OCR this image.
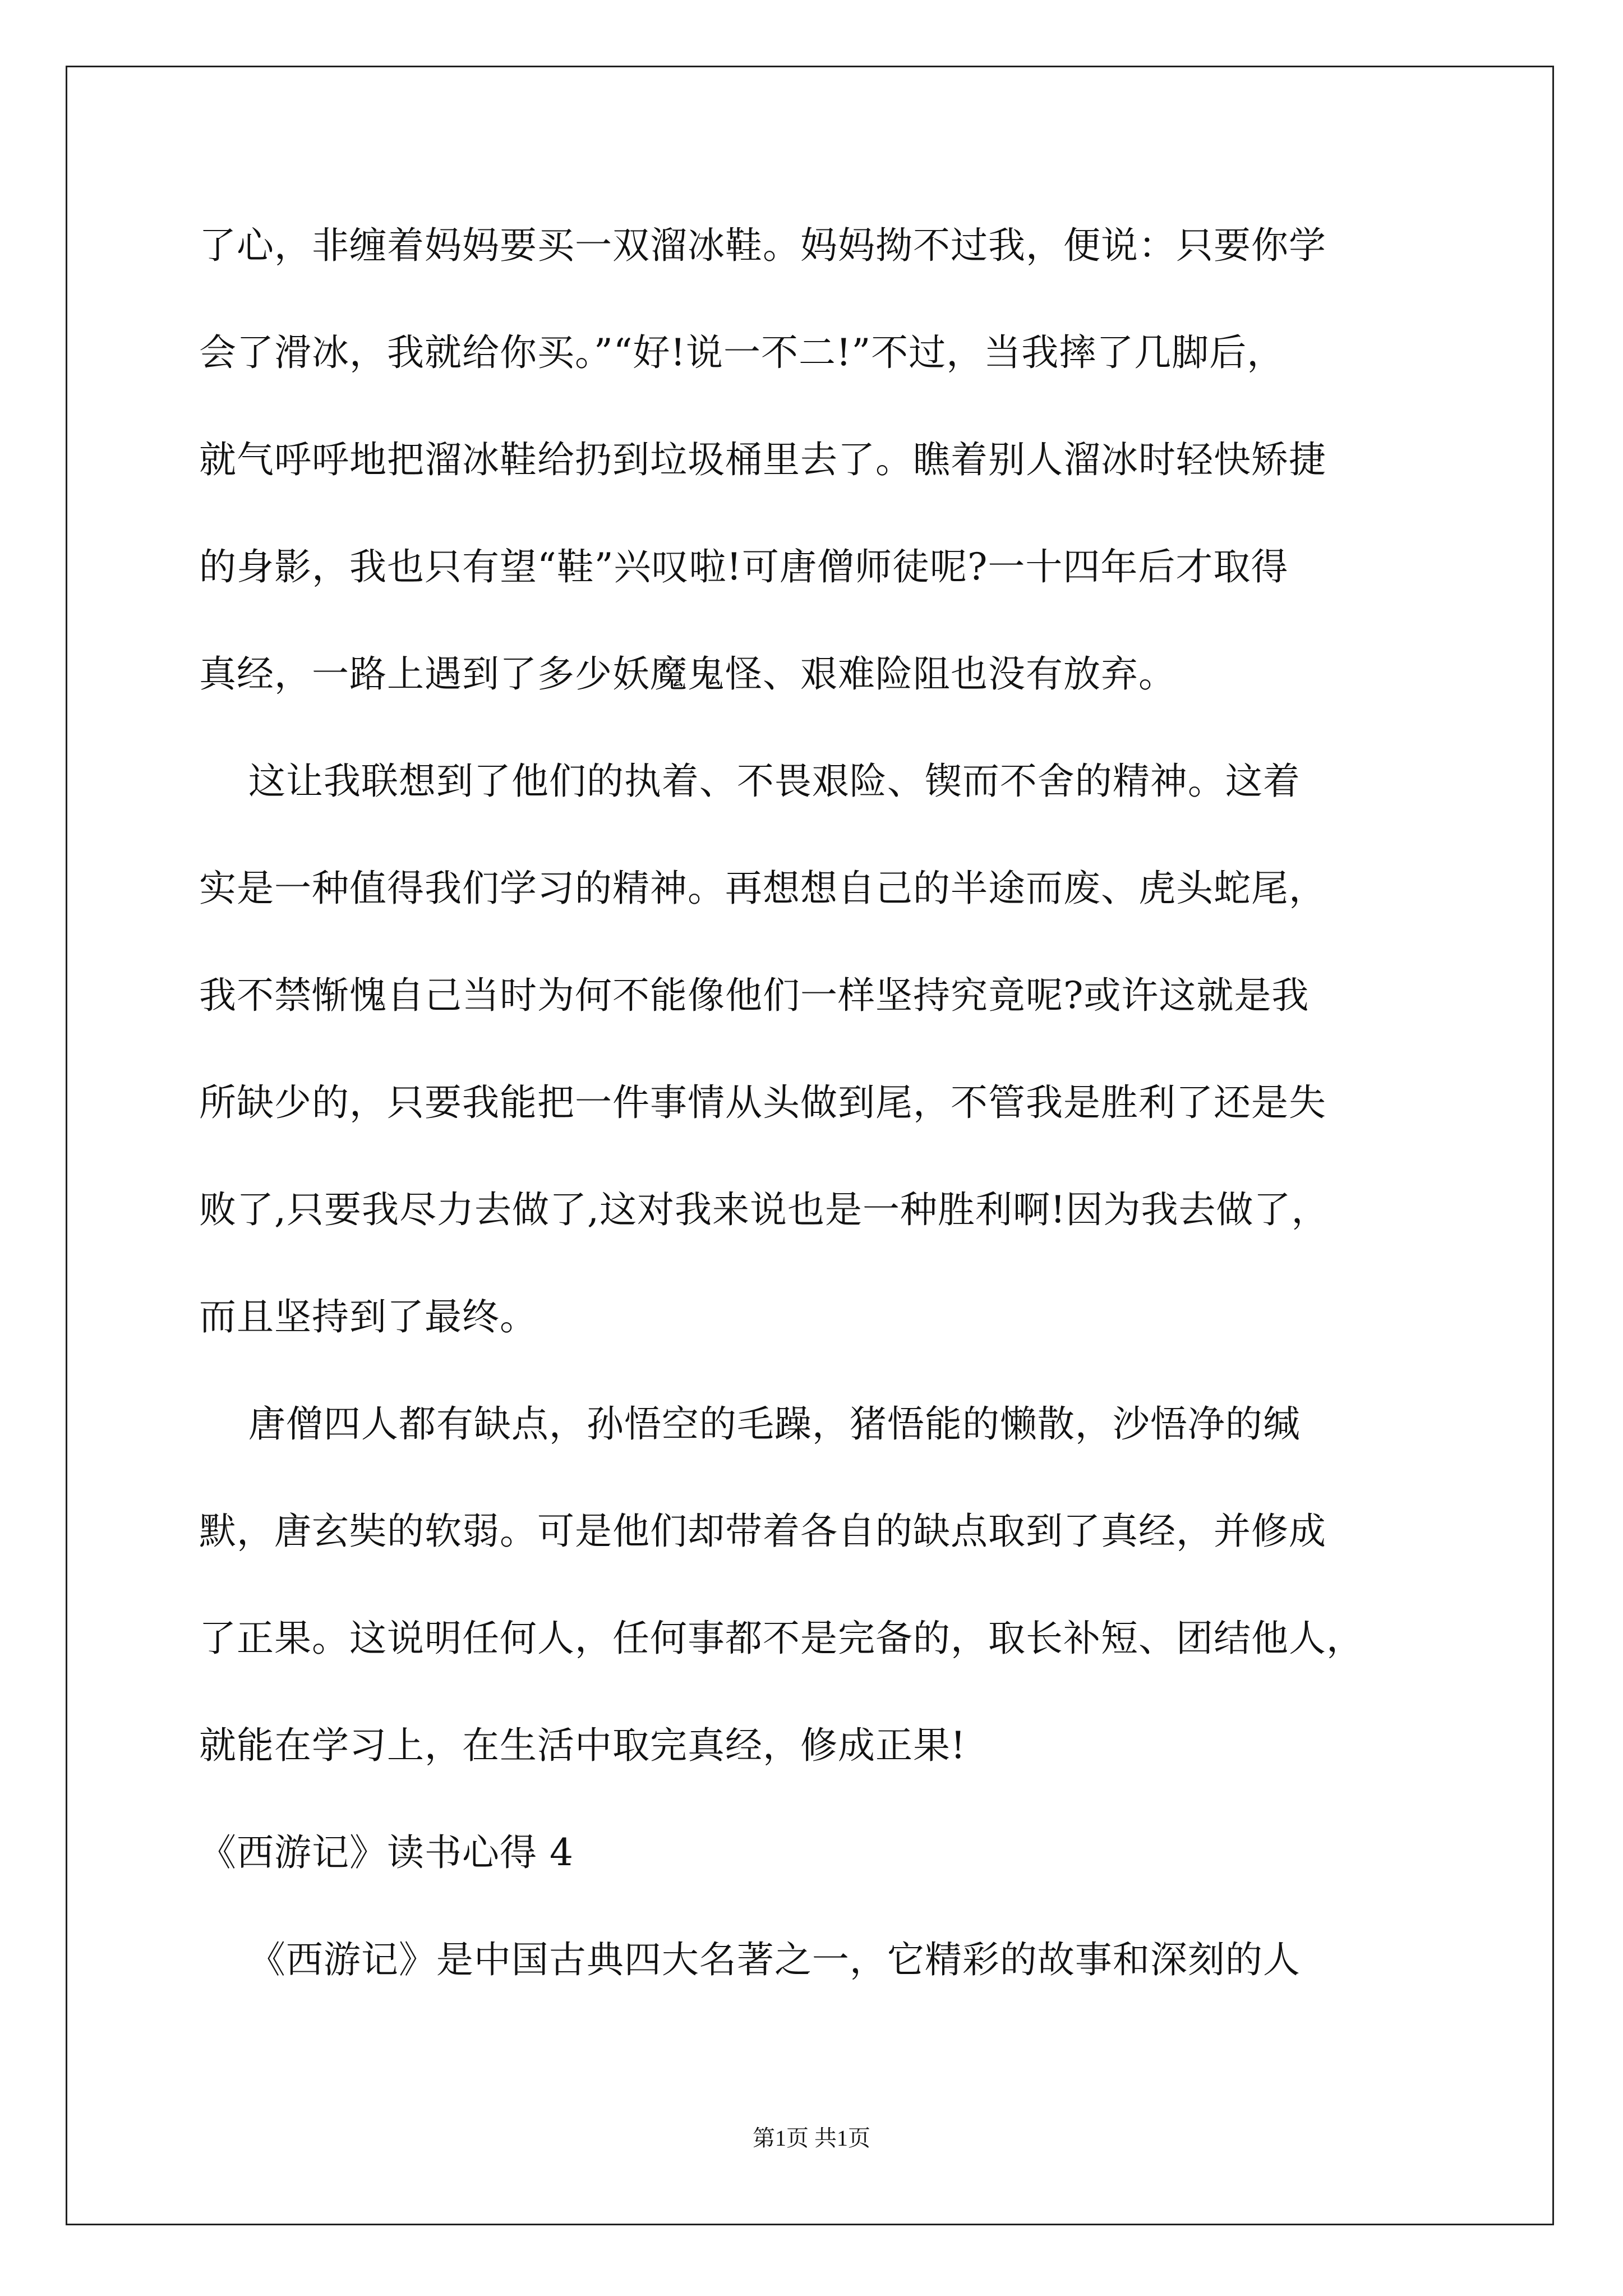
了心，非缠着妈妈要买一双溜冰鞋。妈妈拗不过我，便说：只要你学
会了滑冰，我就给你买。”“好!说一不二!”不过，当我摔了几脚后，
就气呼呼地把溜冰鞋给扔到垃圾桶里去了。瞧着别人溜冰时轻快矫捷
的身影，我也只有望“鞋”兴叹啦!可唐僧师徒呢?一十四年后才取得
真经，一路上遇到了多少妖魔鬼怪、艰难险阻也没有放弃。
这让我联想到了他们的执着、不畏艰险、锲而不舍的精神。这着
实是一种值得我们学习的精神。再想想自己的半途而废、虎头蛇尾，
我不禁惭愧自己当时为何不能像他们一样坚持究竟呢?或许这就是我
所缺少的，只要我能把一件事情从头做到尾，不管我是胜利了还是失
败了,只要我尽力去做了,这对我来说也是一种胜利啊!因为我去做了，
而且坚持到了最终。
唐僧四人都有缺点，孙悟空的毛躁，猪悟能的懒散，沙悟净的缄
默，唐玄奘的软弱。可是他们却带着各自的缺点取到了真经，并修成
了正果。这说明任何人，任何事都不是完备的，取长补短、团结他人，
就能在学习上，在生活中取完真经，修成正果!
《西游记》读书心得 4
《西游记》是中国古典四大名著之一，它精彩的故事和深刻的人
第1页 共1页
